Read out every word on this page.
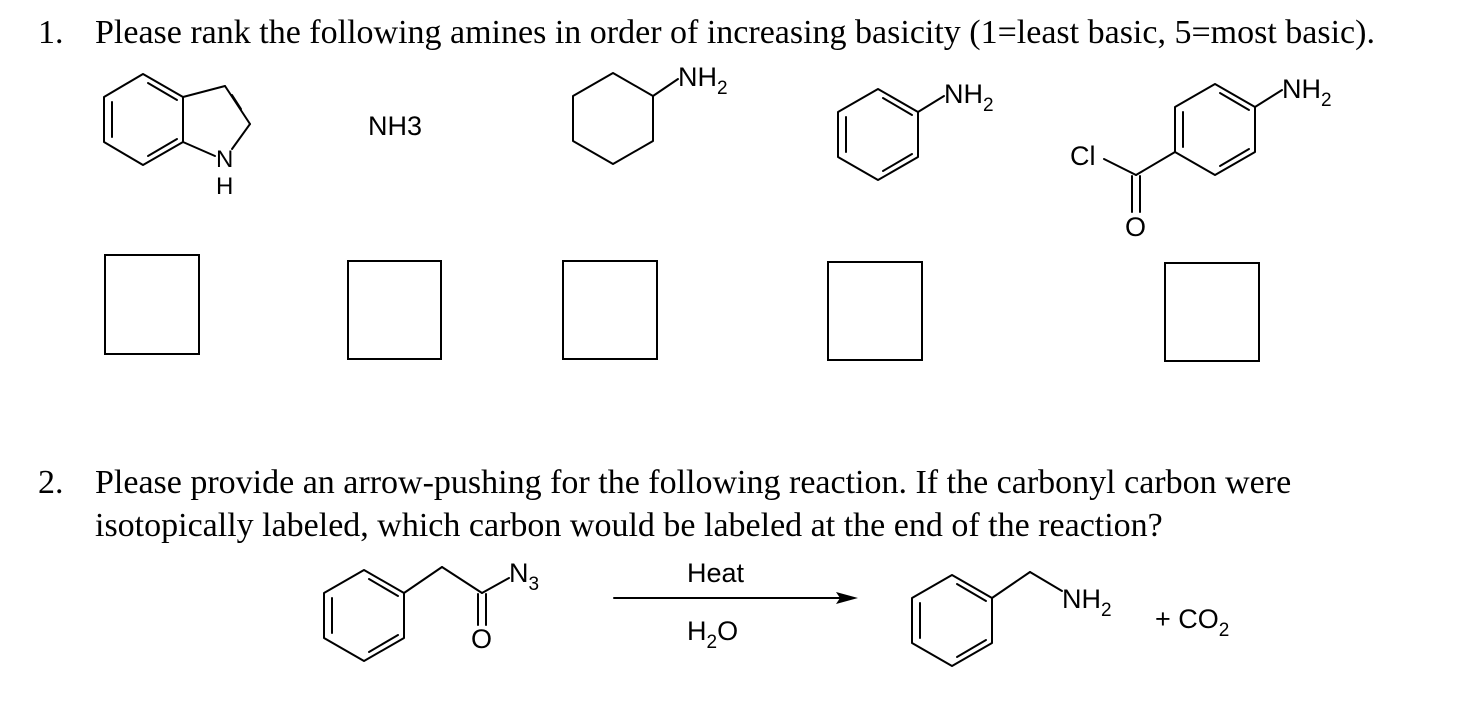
1. Please rank the following amines in order of increasing basicity (1=least basic, 5=most basic).
N
H
NH3
$NH_2$	$NH_2$
$NH_2$
Cl
O
2. Please provide an arrow-pushing for the following reaction. If the carbonyl carbon were
isotopically labeled, which carbon would be labeled at the end of the reaction?
$N_3$
O
Heat
$H_2O$
$NH_2 + CO_2$
